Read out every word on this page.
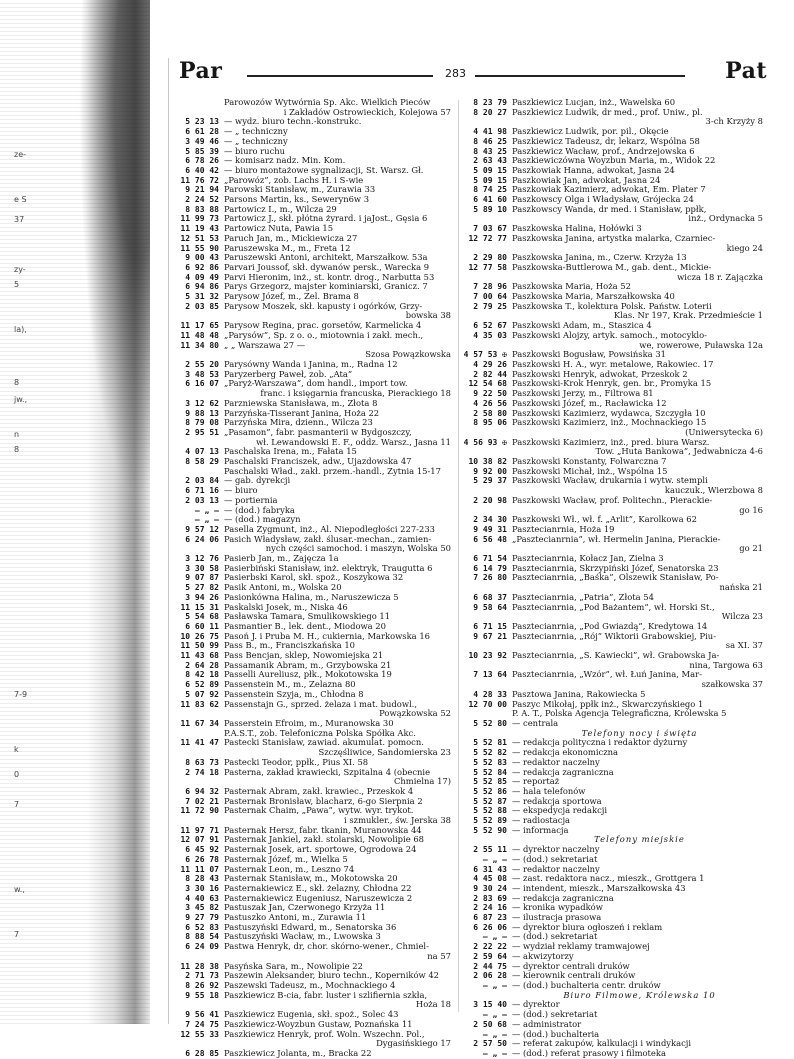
ze-
e S
37
zy-
5
la),
8
jw.,
n
8
7-9
k
0
7
w.,
7
Par	283	Pat
Parowozów Wytwórnia Sp. Akc. Wielkich Pieców
i Zakładów Ostrowieckich, Kolejowa 57
5 23 13 — wydz. biuro techn.-konstrukc.
6 61 28 — „ techniczny
3 49 46 — „ techniczny
5 85 39 — biuro ruchu
6 78 26 — komisarz nadz. Min. Kom.
6 40 42 — biuro montażowe sygnalizacji, St. Warsz. Gł.
11 76 72 „Parowóz”, zob. Lachs H. i S-wie
9 21 94 Parowski Stanisław, m., Żurawia 33
2 24 52 Parsons Martin, ks., Seweryn6w 3
8 83 88 Partowicz I., m., Wilcza 29
11 99 73 Partowicz J., skł. płótna żyrard. i jaJost., Gęsia 6
11 19 43 Partowicz Nuta, Pawia 15
12 51 53 Paruch Jan, m., Mickiewicza 27
11 55 90 Paruszewska M., m., Freta 12
9 00 43 Paruszewski Antoni, architekt, Marszałkow. 53a
6 92 86 Parvari Joussof, skł. dywanów persk., Warecka 9
4 09 49 Parvi Hieronim, inż., st. kontr. drog., Narbutta 53
6 94 86 Parys Grzegorz, majster kominiarski, Granicz. 7
5 31 32 Parysow Józef, m., Żel. Brama 8
2 03 85 Parysow Moszek, skł. kapusty i ogórków, Grzy-
bowska 38
11 17 65 Parysow Regina, prac. gorsetów, Karmelicka 4
11 48 48 „Parysów”, Sp. z o. o., miotownia i zakł. mech.,
11 34 80 „ „ Warszawa 27 —
Szosa Powązkowska
2 55 20 Parysówny Wanda i Janina, m., Radna 12
3 48 53 Paryzerberg Paweł, zob. „Ata”
6 16 07 „Paryż-Warszawa”, dom handl., import tow.
franc. i księgarnia francuska, Pierackiego 18
3 12 62 Parzniewska Stanisława, m., Złota 8
9 88 13 Parzyńska-Tisserant Janina, Hoża 22
8 79 08 Parzyńska Mira, dzienn., Wilcza 23
2 95 51 „Pasamon”, fabr. pasmanterii w Bydgoszczy,
wł. Lewandowski E. F., oddz. Warsz., Jasna 11
4 07 13 Paschalska Irena, m., Fałata 15
8 58 29 Paschalski Franciszek, adw., Ujazdowska 47
Paschalski Wład., zakł. przem.-handl., Żytnia 15-17
2 03 84 — gab. dyrekcji
6 71 16 — biuro
2 03 13 — portiernia
— „ — — (dod.) fabryka
— „ — — (dod.) magazyn
9 57 12 Pasella Zygmunt, inż., Al. Niepodległości 227-233
6 24 06 Pasich Władysław, zakł. ślusar.-mechan., zamien-
nych części samochod. i maszyn, Wolska 50
3 12 76 Pasierb Jan, m., Zajęcza 1a
3 30 58 Pasierbiński Stanisław, inż. elektryk, Traugutta 6
9 07 87 Pasierbski Karol, skł. spoż., Koszykowa 32
5 27 82 Pasik Antoni, m., Wolska 20
3 94 26 Pasionkówna Halina, m., Naruszewicza 5
11 15 31 Paskalski Josek, m., Niska 46
5 54 68 Pasławska Tamara, Smulikowskiego 11
6 60 11 Pasmantier B., lek. dent., Miodowa 20
10 26 75 Pasoń J. i Pruba M. H., cukiernia, Markowska 16
11 50 99 Pass B., m., Franciszkańska 10
11 43 68 Pass Bencjan, sklep, Nowomiejska 21
2 64 28 Passamanik Abram, m., Grzybowska 21
8 42 18 Passelli Aureliusz, płk., Mokotowska 19
6 52 89 Passenstein M., m., Żelazna 80
5 07 92 Passenstein Szyja, m., Chłodna 8
11 83 62 Passenstajn G., sprzed. żelaza i mat. budowl.,
Powązkowska 52
11 67 34 Passerstein Efroim, m., Muranowska 30
P.A.S.T., zob. Telefoniczna Polska Spółka Akc.
11 41 47 Pastecki Stanisław, zawiad. akumulat. pomocn.
Szczęśliwice, Sandomierska 23
8 63 73 Pastecki Teodor, ppłk., Pius XI. 58
2 74 18 Pasterna, zakład krawiecki, Szpitalna 4 (obecnie
Chmielna 17)
6 94 32 Pasternak Abram, zakł. krawiec., Przeskok 4
7 02 21 Pasternak Bronisław, blacharz, 6-go Sierpnia 2
11 72 90 Pasternak Chaim, „Pawa”, wytw. wyr. trykot.
i szmukler., św. Jerska 38
11 97 71 Pasternak Hersz, fabr. tkanin, Muranowska 44
12 07 91 Pasternak Jankiel, zakł. stolarski, Nowolipie 68
6 45 92 Pasternak Josek, art. sportowe, Ogrodowa 24
6 26 78 Pasternak Józef, m., Wielka 5
11 11 07 Pasternak Leon, m., Leszno 74
8 28 43 Pasternak Stanisław, m., Mokotowska 20
3 30 16 Pasternakiewicz E., skł. żelazny, Chłodna 22
4 40 63 Pasternakiewicz Eugeniusz, Naruszewicza 2
3 45 82 Pastuszak Jan, Czerwonego Krzyża 11
9 27 79 Pastuszko Antoni, m., Żurawia 11
6 52 83 Pastuszyński Edward, m., Senatorska 36
8 88 54 Pastuszyński Wacław, m., Lwowska 3
6 24 09 Pastwa Henryk, dr, chor. skórno-wener., Chmiel-
na 57
11 28 38 Pasyńska Sara, m., Nowolipie 22
2 71 73 Paszewin Aleksander, biuro techn., Koperników 42
8 26 92 Paszewski Tadeusz, m., Mochnackiego 4
9 55 18 Paszkiewicz B-cia, fabr. luster i szlifiernia szkła,
Hoża 18
9 56 41 Paszkiewicz Eugenia, skł. spoż., Solec 43
7 24 75 Paszkiewicz-Woyzbun Gustaw, Poznańska 11
12 55 33 Paszkiewicz Henryk, prof. Woln. Wszechn. Pol.,
Dygasińskiego 17
6 28 85 Paszkiewicz Jolanta, m., Bracka 22
8 23 79 Paszkiewicz Lucjan, inż., Wawelska 60
8 20 27 Paszkiewicz Ludwik, dr med., prof. Uniw., pl.
3-ch Krzyży 8
4 41 98 Paszkiewicz Ludwik, por. pil., Okęcie
8 46 25 Paszkiewicz Tadeusz, dr, lekarz, Wspólna 58
8 43 25 Paszkiewicz Wacław, prof., Andrzejowska 6
2 63 43 Paszkiewiczówna Woyzbun Maria, m., Widok 22
5 09 15 Paszkowiak Hanna, adwokat, Jasna 24
5 09 15 Paszkowiak Jan, adwokat, Jasna 24
8 74 25 Paszkowiak Kazimierz, adwokat, Em. Plater 7
6 41 60 Paszkowscy Olga i Władysław, Grójecka 24
5 89 10 Paszkowscy Wanda, dr med. i Stanisław, ppłk,
inż., Ordynacka 5
7 03 67 Paszkowska Halina, Hołówki 3
12 72 77 Paszkowska Janina, artystka malarka, Czarniec-
kiego 24
2 29 80 Paszkowska Janina, m., Czerw. Krzyża 13
12 77 58 Paszkowska-Buttlerowa M., gab. dent., Mickie-
wicza 18 r. Zajączka
7 28 96 Paszkowska Maria, Hoża 52
7 00 64 Paszkowska Maria, Marszałkowska 40
2 79 25 Paszkowska T., kolektura Polsk. Państw. Loterii
Klas. Nr 197, Krak. Przedmieście 1
6 52 67 Paszkowski Adam, m., Staszica 4
4 35 03 Paszkowski Alojzy, artyk. samoch., motocyklo-
we, rowerowe, Puławska 12a
4 57 53 ✠ Paszkowski Bogusław, Powsińska 31
4 29 26 Paszkowski H. A., wyr. metalowe, Rakowiec. 17
2 82 44 Paszkowski Henryk, adwokat, Przeskok 2
12 54 68 Paszkowski-Krok Henryk, gen. br., Promyka 15
9 22 50 Paszkowski Jerzy, m., Filtrowa 81
4 26 56 Paszkowski Józef, m., Racławicka 12
2 58 80 Paszkowski Kazimierz, wydawca, Szczygła 10
8 95 06 Paszkowski Kazimierz, inż., Mochnackiego 15
(Uniwersytecka 6)
4 56 93 ✠ Paszkowski Kazimierz, inż., pred. biura Warsz.
Tow. „Huta Bankowa”, Jedwabnicza 4-6
10 38 82 Paszkowski Konstanty, Folwarczna 7
9 92 00 Paszkowski Michał, inż., Wspólna 15
5 29 37 Paszkowski Wacław, drukarnia i wytw. stempli
kauczuk., Wierzbowa 8
2 20 98 Paszkowski Wacław, prof. Politechn., Pierackie-
go 16
2 34 30 Paszkowski Wł., wł. f. „Arlit”, Karolkowa 62
9 49 31 Pasztecianrnia, Hoża 19
6 56 48 „Pasztecianrnia”, wł. Hermelin Janina, Pierackie-
go 21
6 71 54 Pasztecianrnia, Kołacz Jan, Zielna 3
6 14 79 Pasztecianrnia, Skrzypiński Józef, Senatorska 23
7 26 80 Pasztecianrnia, „Baśka”, Olszewik Stanisław, Po-
nańska 21
6 68 37 Pasztecianrnia, „Patria”, Złota 54
9 58 64 Pasztecianrnia, „Pod Bażantem”, wł. Horski St.,
Wilcza 23
6 71 15 Pasztecianrnia, „Pod Gwiazdą”, Kredytowa 14
9 67 21 Pasztecianrnia, „Rój” Wiktorii Grabowskiej, Piu-
sa XI. 37
10 23 92 Pasztecianrnia, „S. Kawiecki”, wł. Grabowska Ja-
nina, Targowa 63
7 13 64 Pasztecianrnia, „Wzór”, wł. Łuń Janina, Mar-
szałkowska 37
4 28 33 Pasztowa Janina, Rakowiecka 5
12 70 00 Paszyc Mikołaj, ppłk inż., Skwarczyńskiego 1
P. A. T., Polska Agencja Telegraficzna, Królewska 5
5 52 80 — centrala
Telefony nocy i święta
5 52 81 — redakcja polityczna i redaktor dyżurny
5 52 82 — redakcja ekonomiczna
5 52 83 — redaktor naczelny
5 52 84 — redakcja zagraniczna
5 52 85 — reportaż
5 52 86 — hala telefonów
5 52 87 — redakcja sportowa
5 52 88 — ekspedycja redakcji
5 52 89 — radiostacja
5 52 90 — informacja
Telefony miejskie
2 55 11 — dyrektor naczelny
— „ — — (dod.) sekretariat
6 31 43 — redaktor naczelny
4 45 08 — zast. redaktora nacz., mieszk., Grottgera 1
9 30 24 — intendent, mieszk., Marszałkowska 43
2 83 69 — redakcja zagraniczna
2 24 16 — kronika wypadków
6 87 23 — ilustracja prasowa
6 26 06 — dyrektor biura ogłoszeń i reklam
— „ — — (dod.) sekretariat
2 22 22 — wydział reklamy tramwajowej
2 59 64 — akwizytorzy
2 44 75 — dyrektor centrali druków
2 06 28 — kierownik centrali druków
— „ — — (dod.) buchalteria centr. druków
Biuro Filmowe, Królewska 10
3 15 40 — dyrektor
— „ — — (dod.) sekretariat
2 50 68 — administrator
— „ — — (dod.) buchalteria
2 57 50 — referat zakupów, kalkulacji i windykacji
— „ — — (dod.) referat prasowy i filmoteka
